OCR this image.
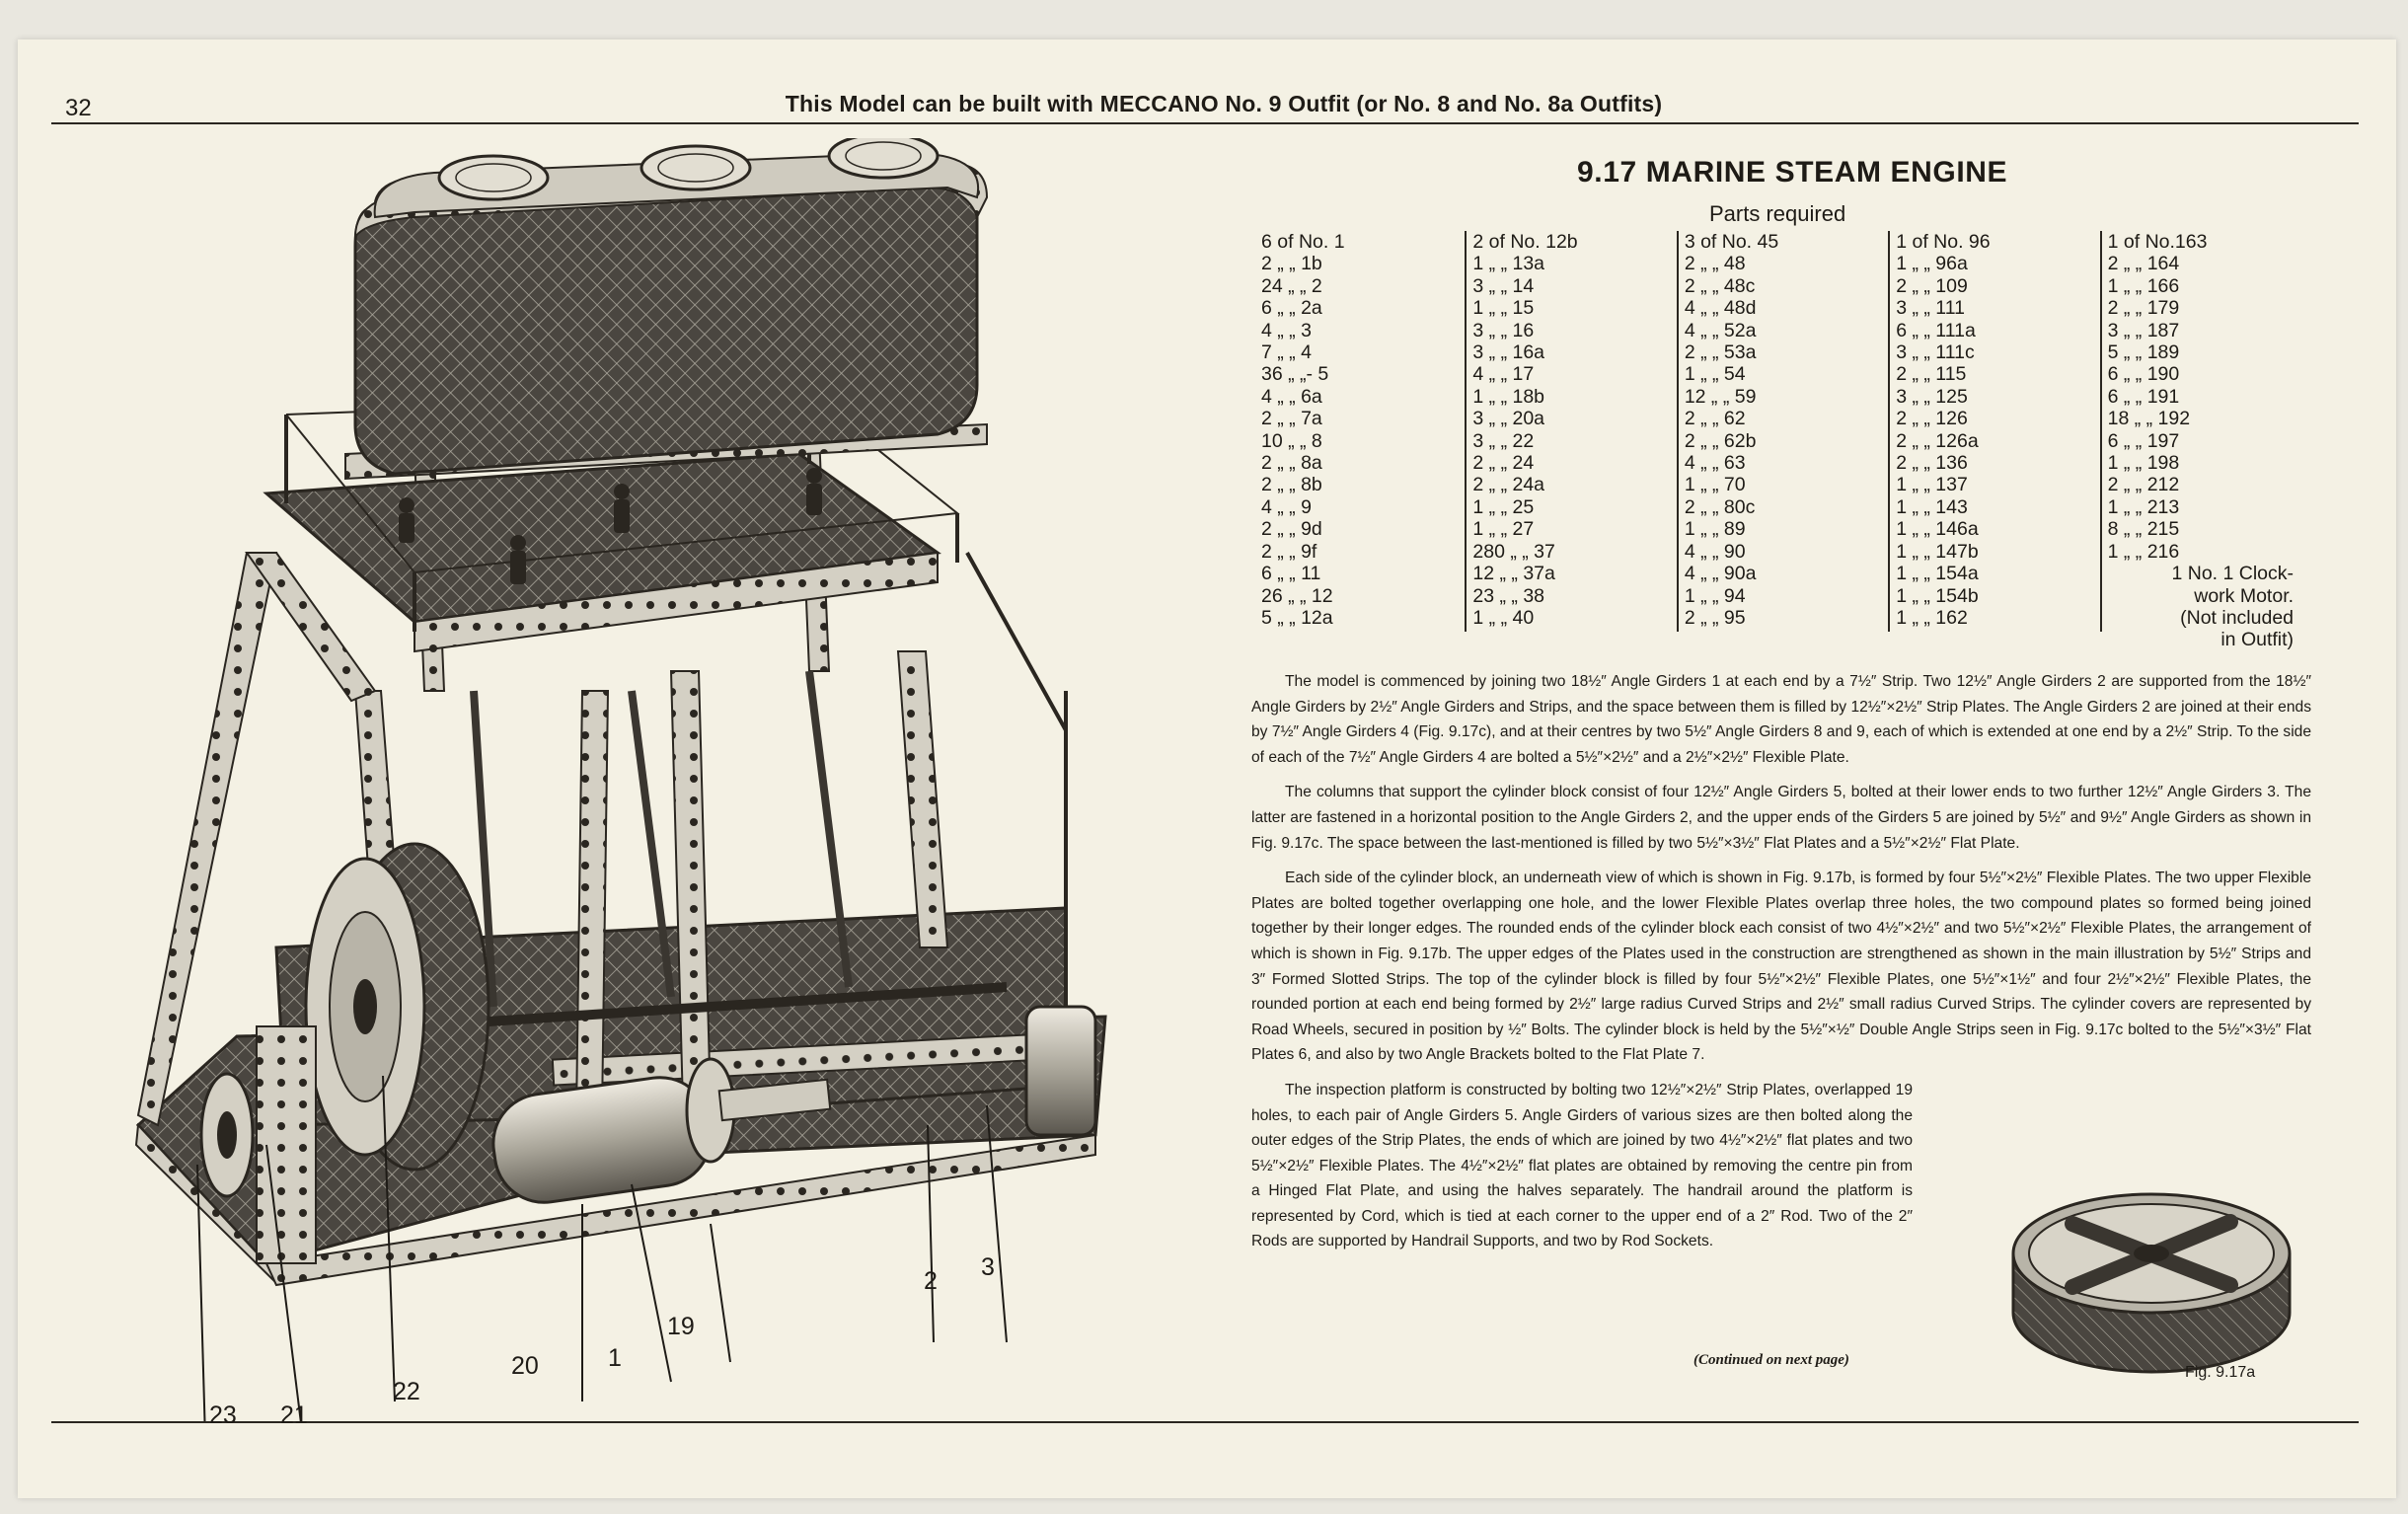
32	This Model can be built with MECCANO No. 9 Outfit (or No. 8 and No. 8a Outfits)
9.17 MARINE STEAM ENGINE
Parts required
6 of No. 1
2 „ „ 1b
24 „ „ 2
6 „ „ 2a
4 „ „ 3
7 „ „ 4
36 „ „- 5
4 „ „ 6a
2 „ „ 7a
10 „ „ 8
2 „ „ 8a
2 „ „ 8b
4 „ „ 9
2 „ „ 9d
2 „ „ 9f
6 „ „ 11
26 „ „ 12
5 „ „ 12a
2 of No. 12b
1 „ „ 13a
3 „ „ 14
1 „ „ 15
3 „ „ 16
3 „ „ 16a
4 „ „ 17
1 „ „ 18b
3 „ „ 20a
3 „ „ 22
2 „ „ 24
2 „ „ 24a
1 „ „ 25
1 „ „ 27
280 „ „ 37
12 „ „ 37a
23 „ „ 38
1 „ „ 40
3 of No. 45
2 „ „ 48
2 „ „ 48c
4 „ „ 48d
4 „ „ 52a
2 „ „ 53a
1 „ „ 54
12 „ „ 59
2 „ „ 62
2 „ „ 62b
4 „ „ 63
1 „ „ 70
2 „ „ 80c
1 „ „ 89
4 „ „ 90
4 „ „ 90a
1 „ „ 94
2 „ „ 95
1 of No. 96
1 „ „ 96a
2 „ „ 109
3 „ „ 111
6 „ „ 111a
3 „ „ 111c
2 „ „ 115
3 „ „ 125
2 „ „ 126
2 „ „ 126a
2 „ „ 136
1 „ „ 137
1 „ „ 143
1 „ „ 146a
1 „ „ 147b
1 „ „ 154a
1 „ „ 154b
1 „ „ 162
1 of No.163
2 „ „ 164
1 „ „ 166
2 „ „ 179
3 „ „ 187
5 „ „ 189
6 „ „ 190
6 „ „ 191
18 „ „ 192
6 „ „ 197
1 „ „ 198
2 „ „ 212
1 „ „ 213
8 „ „ 215
1 „ „ 216
1 No. 1 Clock-
work Motor.
(Not included
in Outfit)

The model is commenced by joining two 18½″ Angle Girders 1 at each end by a 7½″ Strip. Two 12½″ Angle Girders 2 are supported from the 18½″ Angle Girders by 2½″ Angle Girders and Strips, and the space between them is filled by 12½″×2½″ Strip Plates. The Angle Girders 2 are joined at their ends by 7½″ Angle Girders 4 (Fig. 9.17c), and at their centres by two 5½″ Angle Girders 8 and 9, each of which is extended at one end by a 2½″ Strip. To the side of each of the 7½″ Angle Girders 4 are bolted a 5½″×2½″ and a 2½″×2½″ Flexible Plate.

The columns that support the cylinder block consist of four 12½″ Angle Girders 5, bolted at their lower ends to two further 12½″ Angle Girders 3. The latter are fastened in a horizontal position to the Angle Girders 2, and the upper ends of the Girders 5 are joined by 5½″ and 9½″ Angle Girders as shown in Fig. 9.17c. The space between the last-mentioned is filled by two 5½″×3½″ Flat Plates and a 5½″×2½″ Flat Plate.

Each side of the cylinder block, an underneath view of which is shown in Fig. 9.17b, is formed by four 5½″×2½″ Flexible Plates. The two upper Flexible Plates are bolted together overlapping one hole, and the lower Flexible Plates overlap three holes, the two compound plates so formed being joined together by their longer edges. The rounded ends of the cylinder block each consist of two 4½″×2½″ and two 5½″×2½″ Flexible Plates, the arrangement of which is shown in Fig. 9.17b. The upper edges of the Plates used in the construction are strengthened as shown in the main illustration by 5½″ Strips and 3″ Formed Slotted Strips. The top of the cylinder block is filled by four 5½″×2½″ Flexible Plates, one 5½″×1½″ and four 2½″×2½″ Flexible Plates, the rounded portion at each end being formed by 2½″ large radius Curved Strips and 2½″ small radius Curved Strips. The cylinder covers are represented by Road Wheels, secured in position by ½″ Bolts. The cylinder block is held by the 5½″×½″ Double Angle Strips seen in Fig. 9.17c bolted to the 5½″×3½″ Flat Plates 6, and also by two Angle Brackets bolted to the Flat Plate 7.

The inspection platform is constructed by bolting two 12½″×2½″ Strip Plates, overlapped 19 holes, to each pair of Angle Girders 5. Angle Girders of various sizes are then bolted along the outer edges of the Strip Plates, the ends of which are joined by two 4½″×2½″ flat plates and two 5½″×2½″ Flexible Plates. The 4½″×2½″ flat plates are obtained by removing the centre pin from a Hinged Flat Plate, and using the halves separately. The handrail around the platform is represented by Cord, which is tied at each corner to the upper end of a 2″ Rod. Two of the 2″ Rods are supported by Handrail Supports, and two by Rod Sockets.

(Continued on next page)
23 21
22
20
19
1
2 3
Fig. 9.17a
